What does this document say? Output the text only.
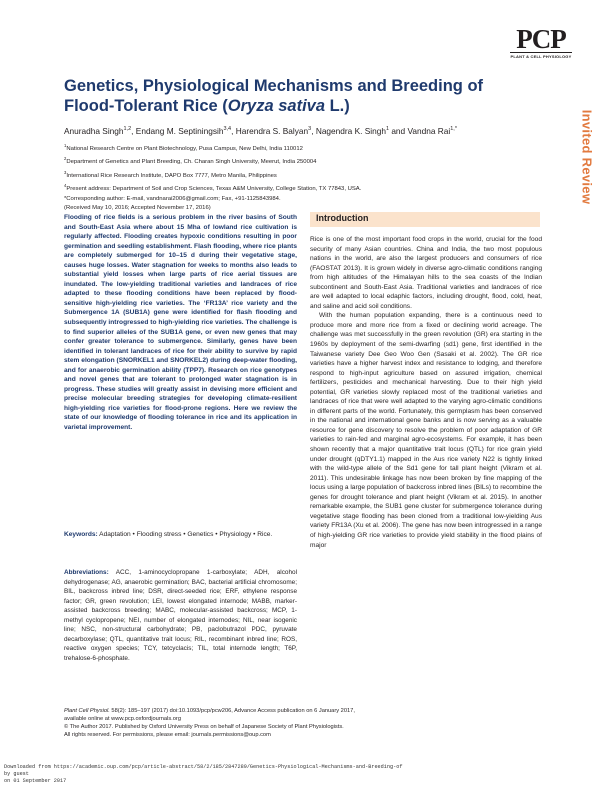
PCP
PLANT & CELL PHYSIOLOGY
Invited Review
Genetics, Physiological Mechanisms and Breeding of Flood-Tolerant Rice (Oryza sativa L.)
Anuradha Singh$^{1,2}$, Endang M. Septiningsih$^{3,4}$, Harendra S. Balyan$^3$, Nagendra K. Singh$^1$ and Vandna Rai$^{1,*}$
$^1$National Research Centre on Plant Biotechnology, Pusa Campus, New Delhi, India 110012
$^2$Department of Genetics and Plant Breeding, Ch. Charan Singh University, Meerut, India 250004
$^3$International Rice Research Institute, DAPO Box 7777, Metro Manila, Philippines
$^4$Present address: Department of Soil and Crop Sciences, Texas A&M University, College Station, TX 77843, USA.
*Corresponding author: E-mail, vandnarai2006@gmail.com; Fax, +91-1125843984.
(Received May 10, 2016; Accepted November 17, 2016)

Flooding of rice fields is a serious problem in the river basins of South and South-East Asia where about 15 Mha of lowland rice cultivation is regularly affected. Flooding creates hypoxic conditions resulting in poor germination and seedling establishment. Flash flooding, where rice plants are completely submerged for 10–15 d during their vegetative stage, causes huge losses. Water stagnation for weeks to months also leads to substantial yield losses when large parts of rice aerial tissues are inundated. The low-yielding traditional varieties and landraces of rice adapted to these flooding conditions have been replaced by flood-sensitive high-yielding rice varieties. The ‘FR13A’ rice variety and the Submergence 1A (SUB1A) gene were identified for flash flooding and subsequently introgressed to high-yielding rice varieties. The challenge is to find superior alleles of the SUB1A gene, or even new genes that may confer greater tolerance to submergence. Similarly, genes have been identified in tolerant landraces of rice for their ability to survive by rapid stem elongation (SNORKEL1 and SNORKEL2) during deep-water flooding, and for anaerobic germination ability (TPP7). Research on rice genotypes and novel genes that are tolerant to prolonged water stagnation is in progress. These studies will greatly assist in devising more efficient and precise molecular breeding strategies for developing climate-resilient high-yielding rice varieties for flood-prone regions. Here we review the state of our knowledge of flooding tolerance in rice and its application in varietal improvement.

Keywords: Adaptation • Flooding stress • Genetics • Physiology • Rice.

Abbreviations: ACC, 1-aminocyclopropane 1-carboxylate; ADH, alcohol dehydrogenase; AG, anaerobic germination; BAC, bacterial artificial chromosome; BIL, backcross inbred line; DSR, direct-seeded rice; ERF, ethylene response factor; GR, green revolution; LEI, lowest elongated internode; MABB, marker-assisted backcross breeding; MABC, molecular-assisted backcross; MCP, 1-methyl cyclopropene; NEI, number of elongated internodes; NIL, near isogenic line; NSC, non-structural carbohydrate; PB, paclobutrazol PDC, pyruvate decarboxylase; QTL, quantitative trait locus; RIL, recombinant inbred line; ROS, reactive oxygen species; TCY, tetcyclacis; TIL, total internode length; T6P, trehalose-6-phosphate.

Introduction

Rice is one of the most important food crops in the world, crucial for the food security of many Asian countries. China and India, the two most populous nations in the world, are also the largest producers and consumers of rice (FAOSTAT 2013). It is grown widely in diverse agro-climatic conditions ranging from high altitudes of the Himalayan hills to the sea coasts of the Indian subcontinent and South-East Asia. Traditional varieties and landraces of rice are well adapted to local edaphic factors, including drought, flood, cold, heat, and saline and acid soil conditions.

With the human population expanding, there is a continuous need to produce more and more rice from a fixed or declining world acreage. The challenge was met successfully in the green revolution (GR) era starting in the 1960s by deployment of the semi-dwarfing (sd1) gene, first identified in the Taiwanese variety Dee Geo Woo Gen (Sasaki et al. 2002). The GR rice varieties have a higher harvest index and resistance to lodging, and therefore respond to high-input agriculture based on assured irrigation, chemical fertilizers, pesticides and mechanical harvesting. Due to their high yield potential, GR varieties slowly replaced most of the traditional varieties and landraces of rice that were well adapted to the varying agro-climatic conditions in different parts of the world. Fortunately, this germplasm has been conserved in the national and international gene banks and is now serving as a valuable resource for gene discovery to resolve the problem of poor adaptation of GR varieties to rain-fed and marginal agro-ecosystems. For example, it has been shown recently that a major quantitative trait locus (QTL) for rice grain yield under drought (qDTY1.1) mapped in the Aus rice variety N22 is tightly linked with the wild-type allele of the Sd1 gene for tall plant height (Vikram et al. 2011). This undesirable linkage has now been broken by fine mapping of the locus using a large population of backcross inbred lines (BILs) to recombine the genes for drought tolerance and plant height (Vikram et al. 2015). In another remarkable example, the SUB1 gene cluster for submergence tolerance during vegetative stage flooding has been cloned from a traditional low-yielding Aus variety FR13A (Xu et al. 2006). The gene has now been introgressed in a range of high-yielding GR rice varieties to provide yield stability in the flood plains of major

Plant Cell Physiol. 58(2): 185–197 (2017) doi:10.1093/pcp/pcw206, Advance Access publication on 6 January 2017,
available online at www.pcp.oxfordjournals.org
© The Author 2017. Published by Oxford University Press on behalf of Japanese Society of Plant Physiologists.
All rights reserved. For permissions, please email: journals.permissions@oup.com
Downloaded from https://academic.oup.com/pcp/article-abstract/58/2/185/2847289/Genetics-Physiological-Mechanisms-and-Breeding-of
by guest
on 01 September 2017
